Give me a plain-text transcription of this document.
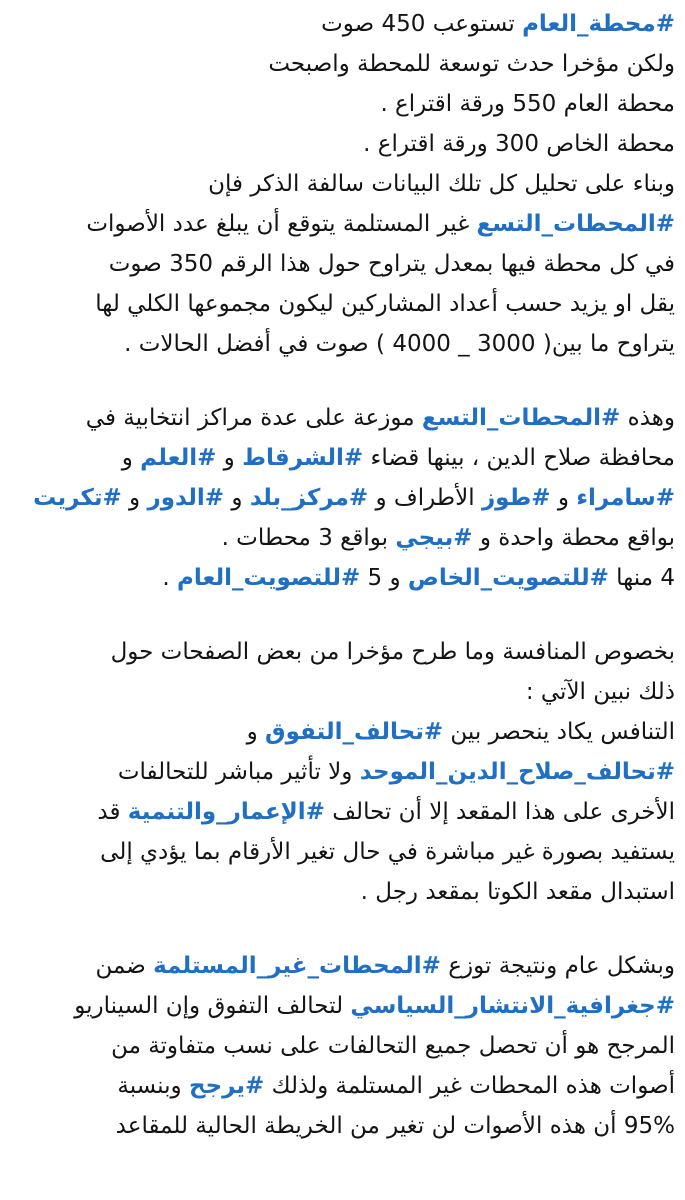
#محطة_العام تستوعب 450 صوت
ولكن مؤخرا حدث توسعة للمحطة واصبحت
محطة العام 550 ورقة اقتراع .
محطة الخاص 300 ورقة اقتراع .
وبناء على تحليل كل تلك البيانات سالفة الذكر فإن
#المحطات_التسع غير المستلمة يتوقع أن يبلغ عدد الأصوات
في كل محطة فيها بمعدل يتراوح حول هذا الرقم 350 صوت
يقل او يزيد حسب أعداد المشاركين ليكون مجموعها الكلي لها
يتراوح ما بين( 3000 _ 4000 ) صوت في أفضل الحالات .
وهذه #المحطات_التسع موزعة على عدة مراكز انتخابية في
محافظة صلاح الدين ، بينها قضاء #الشرقاط و #العلم و
#سامراء و #طوز الأطراف و #مركز_بلد و #الدور و #تكريت
بواقع محطة واحدة و #بيجي بواقع 3 محطات .
4 منها #للتصويت_الخاص و 5 #للتصويت_العام .
بخصوص المنافسة وما طرح مؤخرا من بعض الصفحات حول
ذلك نبين الآتي :
التنافس يكاد ينحصر بين #تحالف_التفوق و
#تحالف_صلاح_الدين_الموحد ولا تأثير مباشر للتحالفات
الأخرى على هذا المقعد إلا أن تحالف #الإعمار_والتنمية قد
يستفيد بصورة غير مباشرة في حال تغير الأرقام بما يؤدي إلى
استبدال مقعد الكوتا بمقعد رجل .
وبشكل عام ونتيجة توزع #المحطات_غير_المستلمة ضمن
#جغرافية_الانتشار_السياسي لتحالف التفوق وإن السيناريو
المرجح هو أن تحصل جميع التحالفات على نسب متفاوتة من
أصوات هذه المحطات غير المستلمة ولذلك #يرجح وبنسبة
95% أن هذه الأصوات لن تغير من الخريطة الحالية للمقاعد
